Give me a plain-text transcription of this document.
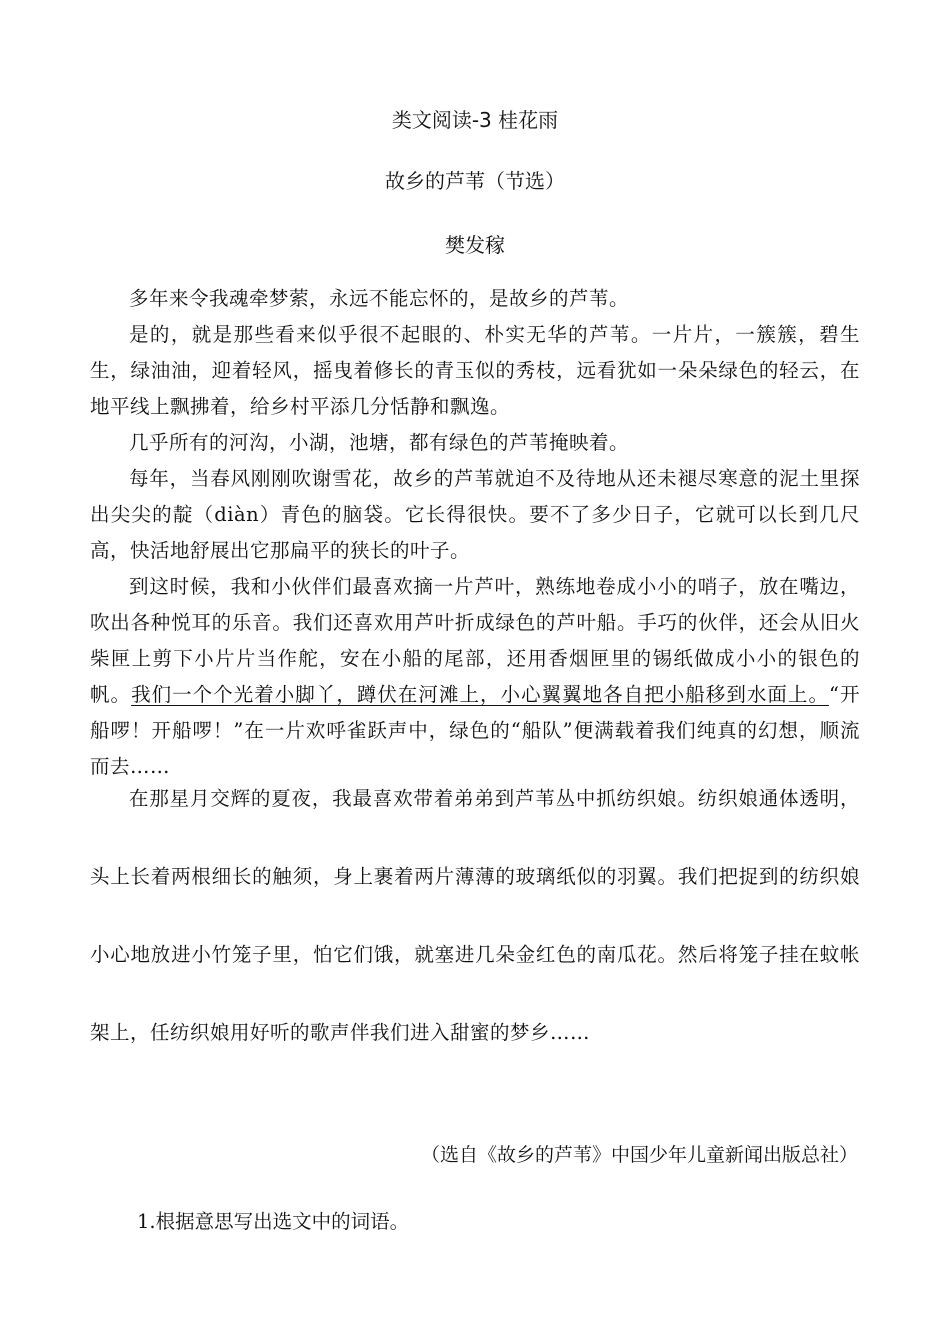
类文阅读-3 桂花雨
故乡的芦苇（节选）
樊发稼

多年来令我魂牵梦萦，永远不能忘怀的，是故乡的芦苇。

是的，就是那些看来似乎很不起眼的、朴实无华的芦苇。一片片，一簇簇，碧生生，绿油油，迎着轻风，摇曳着修长的青玉似的秀枝，远看犹如一朵朵绿色的轻云，在地平线上飘拂着，给乡村平添几分恬静和飘逸。

几乎所有的河沟，小湖，池塘，都有绿色的芦苇掩映着。

每年，当春风刚刚吹谢雪花，故乡的芦苇就迫不及待地从还未褪尽寒意的泥土里探出尖尖的靛（diàn）青色的脑袋。它长得很快。要不了多少日子，它就可以长到几尺高，快活地舒展出它那扁平的狭长的叶子。

到这时候，我和小伙伴们最喜欢摘一片芦叶，熟练地卷成小小的哨子，放在嘴边，吹出各种悦耳的乐音。我们还喜欢用芦叶折成绿色的芦叶船。手巧的伙伴，还会从旧火柴匣上剪下小片片当作舵，安在小船的尾部，还用香烟匣里的锡纸做成小小的银色的帆。我们一个个光着小脚丫，蹲伏在河滩上，小心翼翼地各自把小船移到水面上。“开船啰！开船啰！”在一片欢呼雀跃声中，绿色的“船队”便满载着我们纯真的幻想，顺流而去……

在那星月交辉的夏夜，我最喜欢带着弟弟到芦苇丛中抓纺织娘。纺织娘通体透明，头上长着两根细长的触须，身上裹着两片薄薄的玻璃纸似的羽翼。我们把捉到的纺织娘小心地放进小竹笼子里，怕它们饿，就塞进几朵金红色的南瓜花。然后将笼子挂在蚊帐架上，任纺织娘用好听的歌声伴我们进入甜蜜的梦乡……

（选自《故乡的芦苇》中国少年儿童新闻出版总社）
1.根据意思写出选文中的词语。
